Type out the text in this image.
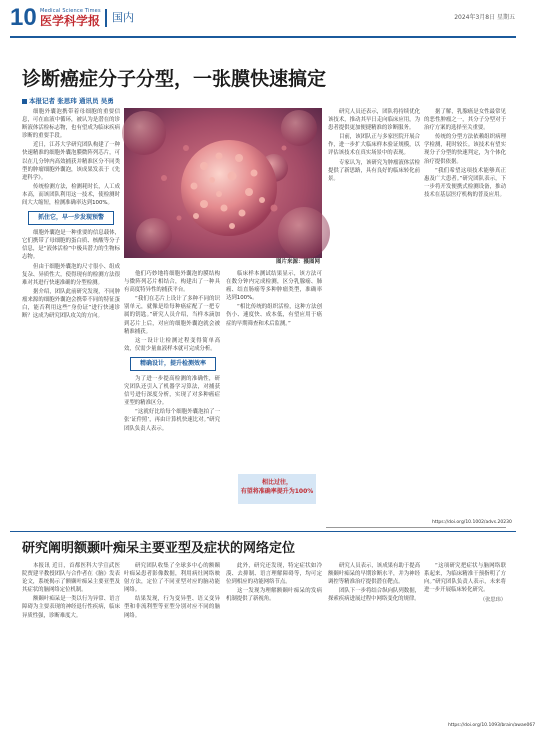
10 Medical Science Times
医学科学报 国内	2024年3月8日 星期五
诊断癌症分子分型，一张膜快速搞定
本报记者 张思玮 通讯员 吴勇

细胞外囊泡携带着母细胞的重要信息，可在血液中循环，被认为是潜在的诊断液体活检标志物，也有望成为临床疾病诊断的重要手段。

近日，江苏大学研究团队构建了一种快速精准的细胞外囊泡膜微阵列芯片，可以在几分钟内高效捕获并精准区分不同类型的肿瘤细胞外囊泡，该成果发表于《先进科学》。

传统检测方法，检测耗时长，人工成本高，而该团队利用这一技术，使检测时间大大缩短，检测准确率达到100%。

抓住它，早一步发现预警

细胞外囊泡是一种重要的信息载体，它们携带了母细胞的蛋白质、核酸等分子信息，是“液体活检”中极具潜力的生物标志物。

但由于细胞外囊泡的尺寸很小、组成复杂、异质性大，使得现有的检测方法很难对其进行快速准确的分型检测。

据介绍，团队此前研究发现，不同肿瘤来源的细胞外囊泡会携带不同的特征蛋白，能否利用这些“身份证”进行快速诊断？这成为研究团队攻关的方向。

图片来源：摄图网

他们巧妙地将细胞外囊泡的膜结构与微阵列芯片相结合，构建出了一种具有高度特异性的捕获平台。

“我们在芯片上设计了多种不同的识别单元，就像是给每种癌症配了一把专属的钥匙。”研究人员介绍，当样本滴加到芯片上后，对应的细胞外囊泡就会被精准捕获。

这一设计让检测过程变得简单高效，仅需少量血液样本就可完成分析。

精确设计，提升检测效率

为了进一步提高检测的准确性，研究团队还引入了机器学习算法，对捕获信号进行深度分析，实现了对多种癌症亚型的精准区分。

“这就好比给每个细胞外囊泡拍了一张‘证件照’，再由计算机快速比对。”研究团队负责人表示。

临床样本测试结果显示，该方法可在数分钟内完成检测，区分乳腺癌、肺癌、结直肠癌等多种肿瘤类型，准确率达到100%。

“相比传统的组织活检，这种方法创伤小、速度快、成本低，有望应用于癌症的早期筛查和术后监测。”

相比过往，
有望将准确率提升为100%

研究人员还表示，团队将持续优化该技术，推动其早日走向临床应用，为患者提供更加便捷精准的诊断服务。

目前，该团队正与多家医院开展合作，进一步扩大临床样本验证规模，以评估该技术在真实场景中的表现。

专家认为，该研究为肿瘤液体活检提供了新思路，具有良好的临床转化前景。

据了解，乳腺癌是女性最常见的恶性肿瘤之一，其分子分型对于治疗方案的选择至关重要。

传统的分型方法依赖组织病理学检测，耗时较长。该技术有望实现分子分型的快速判定，为个体化治疗提供依据。

“我们希望这项技术能够真正惠及广大患者。”研究团队表示，下一步将开发便携式检测设备，推动技术在基层医疗机构的普及应用。

https://doi.org/10.1002/advs.20230
研究阐明额颞叶痴呆主要亚型及症状的网络定位

本报讯 近日，首都医科大学宣武医院贾建平教授团队与合作者在《脑》发表论文，系统揭示了额颞叶痴呆主要亚型及其症状的脑网络定位机制。

额颞叶痴呆是一类以行为异常、语言障碍为主要表现的神经退行性疾病，临床异质性强，诊断难度大。

研究团队收集了全球多中心的额颞叶痴呆患者影像数据，利用病灶网络映射方法，定位了不同亚型对应的脑功能网络。

结果发现，行为变异型、语义变异型和非流利型等亚型分别对应不同的脑网络。

此外，研究还发现，特定症状如冷漠、去抑制、语言理解障碍等，均可定位到相应的功能网络节点。

这一发现为理解额颞叶痴呆的发病机制提供了新视角。

研究人员表示，该成果有助于提高额颞叶痴呆的早期诊断水平，并为神经调控等精准治疗提供潜在靶点。

团队下一步将结合纵向队列数据，探索疾病进展过程中网络变化的规律。

“这项研究把症状与脑网络联系起来，为临床精准干预指明了方向。”研究团队负责人表示，未来将进一步开展临床转化研究。

（张思玮）
https://doi.org/10.1093/brain/awae067
